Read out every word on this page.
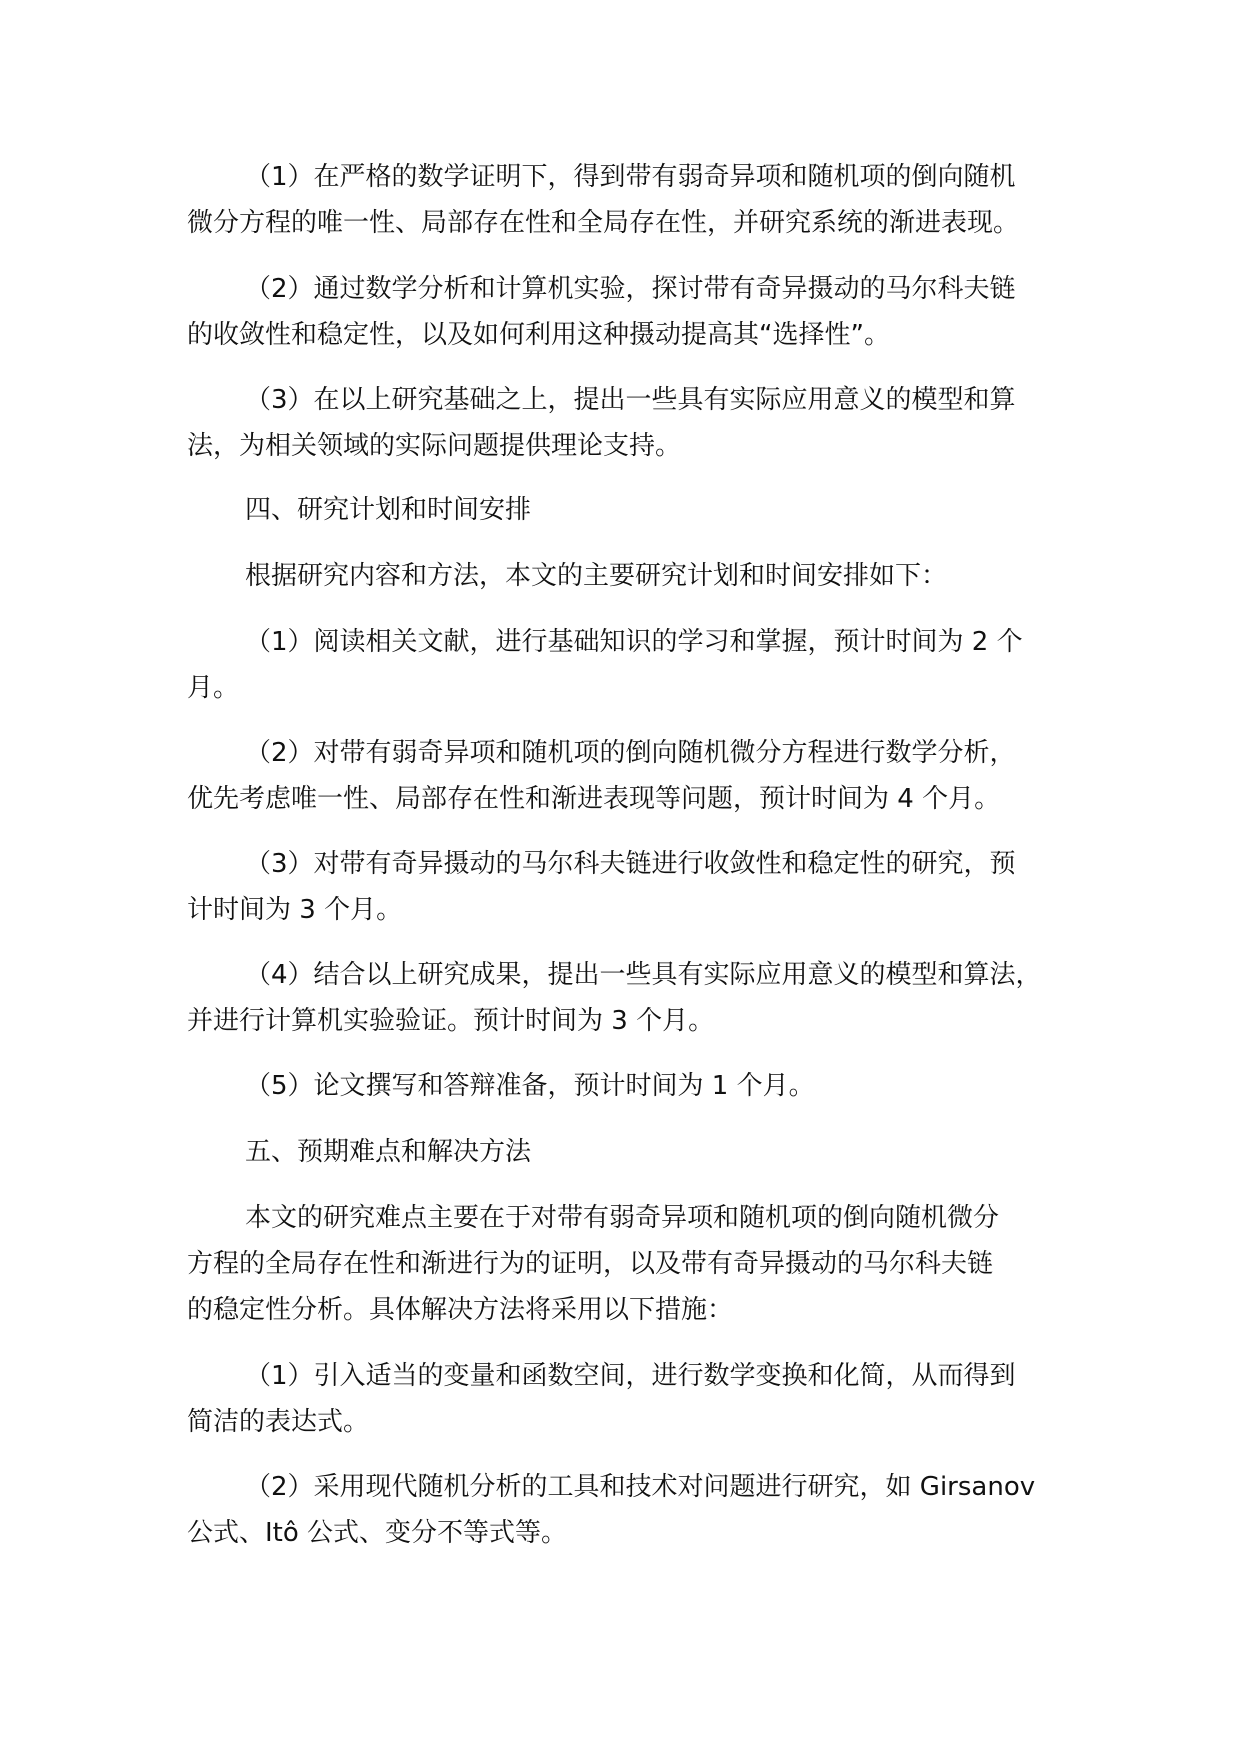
（1）在严格的数学证明下，得到带有弱奇异项和随机项的倒向随机
微分方程的唯一性、局部存在性和全局存在性，并研究系统的渐进表现。
（2）通过数学分析和计算机实验，探讨带有奇异摄动的马尔科夫链
的收敛性和稳定性，以及如何利用这种摄动提高其“选择性”。
（3）在以上研究基础之上，提出一些具有实际应用意义的模型和算
法，为相关领域的实际问题提供理论支持。
四、研究计划和时间安排
根据研究内容和方法，本文的主要研究计划和时间安排如下：
（1）阅读相关文献，进行基础知识的学习和掌握，预计时间为 2 个
月。
（2）对带有弱奇异项和随机项的倒向随机微分方程进行数学分析，
优先考虑唯一性、局部存在性和渐进表现等问题，预计时间为 4 个月。
（3）对带有奇异摄动的马尔科夫链进行收敛性和稳定性的研究，预
计时间为 3 个月。
（4）结合以上研究成果，提出一些具有实际应用意义的模型和算法，
并进行计算机实验验证。预计时间为 3 个月。
（5）论文撰写和答辩准备，预计时间为 1 个月。
五、预期难点和解决方法
本文的研究难点主要在于对带有弱奇异项和随机项的倒向随机微分
方程的全局存在性和渐进行为的证明，以及带有奇异摄动的马尔科夫链
的稳定性分析。具体解决方法将采用以下措施：
（1）引入适当的变量和函数空间，进行数学变换和化简，从而得到
简洁的表达式。
（2）采用现代随机分析的工具和技术对问题进行研究，如 Girsanov
公式、Itô 公式、变分不等式等。
